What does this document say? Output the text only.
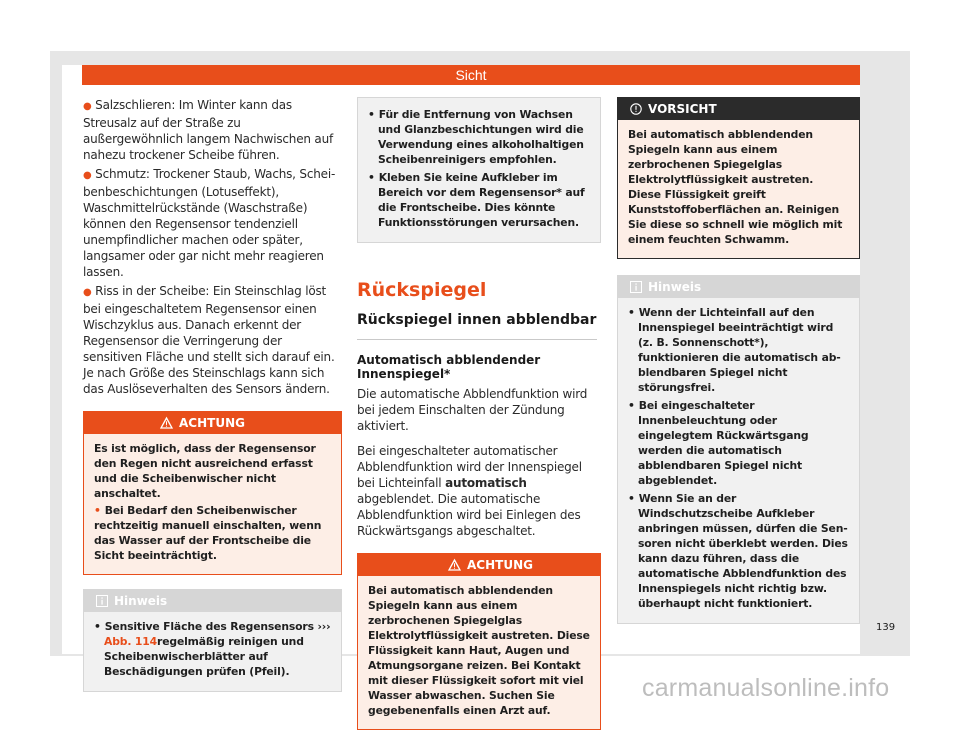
Sicht

● Salzschlieren: Im Winter kann das Streusalz auf der Straße zu außergewöhnlich langem Nachwischen auf nahezu trockener Scheibe führen.

● Schmutz: Trockener Staub, Wachs, Scheibenbeschichtungen (Lotuseffekt), Waschmittelrückstände (Waschstraße) können den Regensensor tendenziell unempfindlicher machen oder später, langsamer oder gar nicht mehr reagieren lassen.

● Riss in der Scheibe: Ein Steinschlag löst bei eingeschaltetem Regensensor einen Wischzyklus aus. Danach erkennt der Regensensor die Verringerung der sensitiven Fläche und stellt sich darauf ein. Je nach Größe des Steinschlags kann sich das Auslöseverhalten des Sensors ändern.

ACHTUNG
Es ist möglich, dass der Regensensor den Regen nicht ausreichend erfasst und die Scheibenwischer nicht anschaltet.
• Bei Bedarf den Scheibenwischer rechtzeitig manuell einschalten, wenn das Wasser auf der Frontscheibe die Sicht beeinträchtigt.
Hinweis
• Sensitive Fläche des Regensensors ››› Abb. 114regelmäßig reinigen und Scheibenwischerblätter auf Beschädigungen prüfen (Pfeil).
• Für die Entfernung von Wachsen und Glanzbeschichtungen wird die Verwendung eines alkoholhaltigen Scheibenreinigers empfohlen.
• Kleben Sie keine Aufkleber im Bereich vor dem Regensensor* auf die Frontscheibe. Dies könnte Funktionsstörungen verursachen.
Rückspiegel
Rückspiegel innen abblendbar
Automatisch abblendender Innenspiegel*

Die automatische Abblendfunktion wird bei jedem Einschalten der Zündung aktiviert.

Bei eingeschalteter automatischer Abblendfunktion wird der Innenspiegel bei Lichteinfall automatisch abgeblendet. Die automatische Abblendfunktion wird bei Einlegen des Rückwärtsgangs abgeschaltet.

ACHTUNG
Bei automatisch abblendenden Spiegeln kann aus einem zerbrochenen Spiegelglas Elektrolytflüssigkeit austreten. Diese Flüssigkeit kann Haut, Augen und Atmungsorgane reizen. Bei Kontakt mit dieser Flüssigkeit sofort mit viel Wasser abwaschen. Suchen Sie gegebenenfalls einen Arzt auf.
VORSICHT
Bei automatisch abblendenden Spiegeln kann aus einem zerbrochenen Spiegelglas Elektrolytflüssigkeit austreten. Diese Flüssigkeit greift Kunststoffoberflächen an. Reinigen Sie diese so schnell wie möglich mit einem feuchten Schwamm.
Hinweis
• Wenn der Lichteinfall auf den Innenspiegel beeinträchtigt wird (z. B. Sonnenschott*), funktionieren die automatisch abblendbaren Spiegel nicht störungsfrei.
• Bei eingeschalteter Innenbeleuchtung oder eingelegtem Rückwärtsgang werden die automatisch abblendbaren Spiegel nicht abgeblendet.
• Wenn Sie an der Windschutzscheibe Aufkleber anbringen müssen, dürfen die Sensoren nicht überklebt werden. Dies kann dazu führen, dass die automatische Abblendfunktion des Innenspiegels nicht richtig bzw. überhaupt nicht funktioniert.
139
carmanualsonline.info
